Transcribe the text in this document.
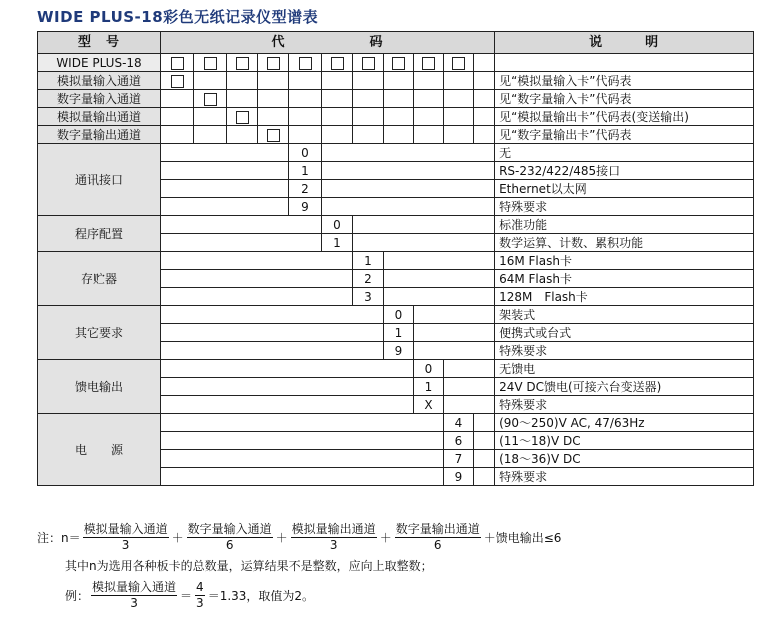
WIDE PLUS-18彩色无纸记录仪型谱表
型　号	代　　　　　　码											说　　　明
WIDE PLUS-18												
模拟量输入通道												见“模拟量输入卡”代码表
数字量输入通道												见“数字量输入卡”代码表
模拟量输出通道												见“模拟量输出卡”代码表(变送输出)
数字量输出通道												见“数字量输出卡”代码表
通讯接口					0							无
					1							RS-232/422/485接口
					2							Ethernet以太网
					9							特殊要求
程序配置						0						标准功能
						1						数学运算、计数、累积功能
存贮器							1					16M Flash卡
							2					64M Flash卡
							3					128M　Flash卡
其它要求								0				架装式
								1				便携式或台式
								9				特殊要求
馈电输出									0			无馈电
									1			24V DC馈电(可接六台变送器)
									X			特殊要求
电　　源										4		(90～250)V AC, 47/63Hz
										6		(11～18)V DC
										7		(18～36)V DC
										9		特殊要求
注：$n= \frac{\text{模拟量输入通道}}{3} + \frac{\text{数字量输入通道}}{6} + \frac{\text{模拟量输出通道}}{3} + \frac{\text{数字量输出通道}}{6}$ ＋馈电输出≤6
其中n为选用各种板卡的总数量，运算结果不是整数，应向上取整数；
例： $\frac{\text{模拟量输入通道}}{3} = \frac{4}{3} =1.33$，取值为2。
